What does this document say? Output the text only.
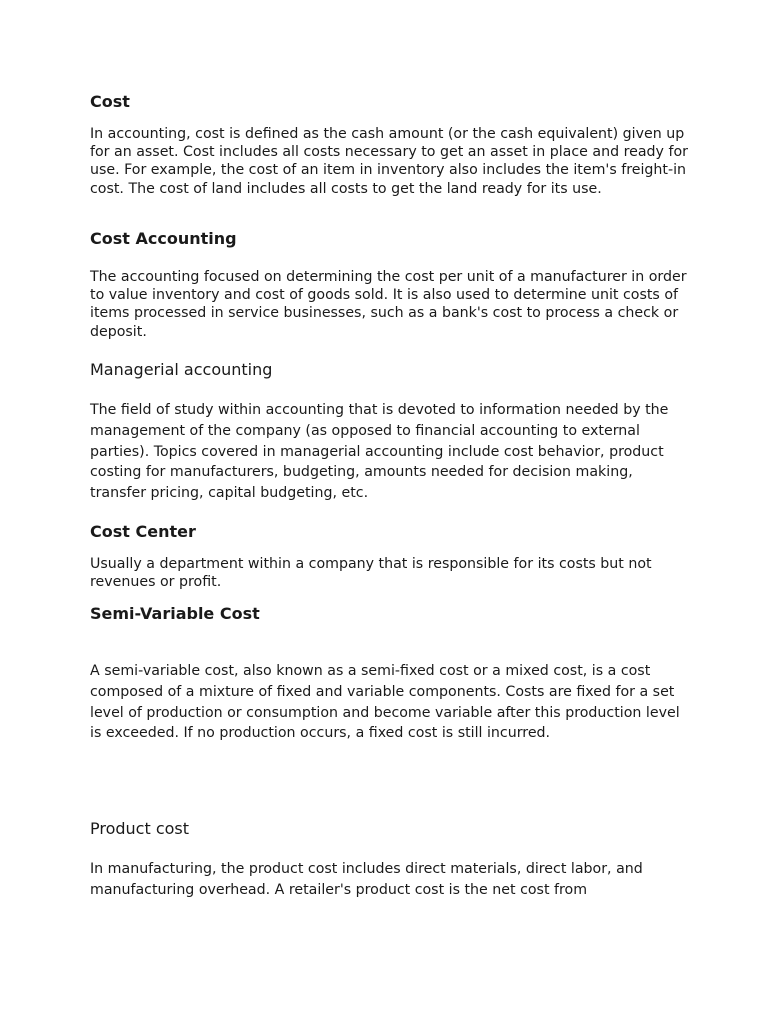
Cost

In accounting, cost is defined as the cash amount (or the cash equivalent) given up for an asset. Cost includes all costs necessary to get an asset in place and ready for use. For example, the cost of an item in inventory also includes the item's freight-in cost. The cost of land includes all costs to get the land ready for its use.

Cost Accounting

The accounting focused on determining the cost per unit of a manufacturer in order to value inventory and cost of goods sold. It is also used to determine unit costs of items processed in service businesses, such as a bank's cost to process a check or deposit.

Managerial accounting

The field of study within accounting that is devoted to information needed by the management of the company (as opposed to financial accounting to external parties). Topics covered in managerial accounting include cost behavior, product costing for manufacturers, budgeting, amounts needed for decision making, transfer pricing, capital budgeting, etc.

Cost Center

Usually a department within a company that is responsible for its costs but not revenues or profit.

Semi-Variable Cost

A semi-variable cost, also known as a semi-fixed cost or a mixed cost, is a cost composed of a mixture of fixed and variable components. Costs are fixed for a set level of production or consumption and become variable after this production level is exceeded. If no production occurs, a fixed cost is still incurred.

Product cost

In manufacturing, the product cost includes direct materials, direct labor, and manufacturing overhead. A retailer's product cost is the net cost from
